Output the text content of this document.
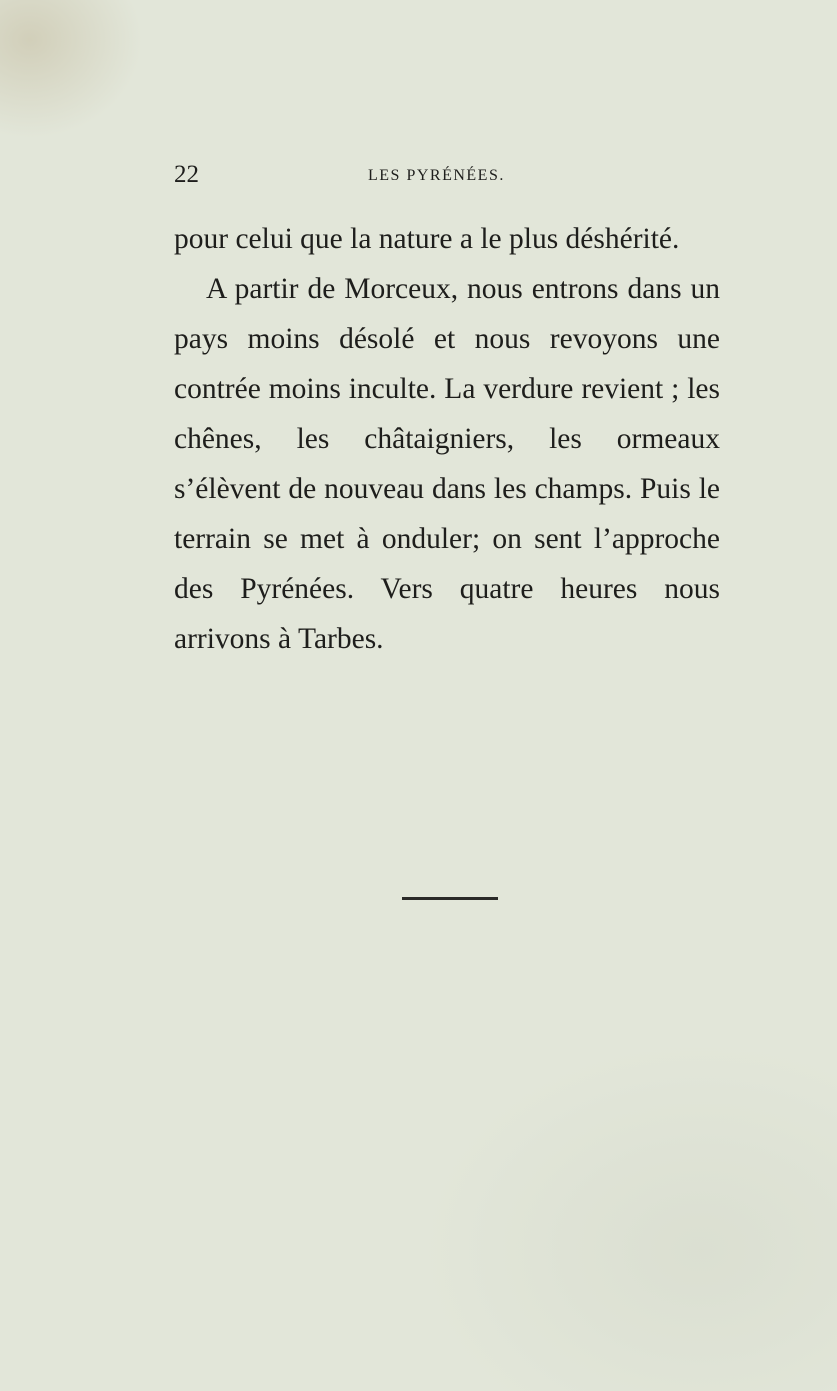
22	LES PYRÉNÉES.

pour celui que la nature a le plus déshérité.

A partir de Morceux, nous entrons dans un pays moins désolé et nous revoyons une contrée moins inculte. La verdure revient ; les chênes, les châtaigniers, les ormeaux s’élèvent de nouveau dans les champs. Puis le terrain se met à onduler; on sent l’approche des Pyrénées. Vers quatre heures nous arrivons à Tarbes.
